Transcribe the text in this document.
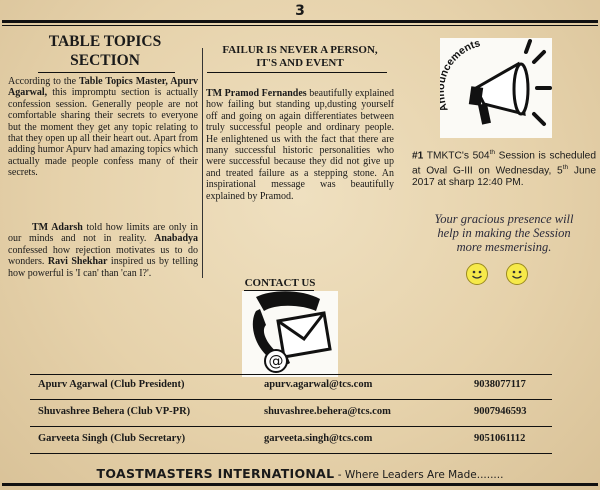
3
TABLE TOPICS
SECTION
According to the Table Topics Master, Apurv Agarwal, this impromptu section is actually confession session. Generally people are not comfortable sharing their secrets to everyone but the moment they get any topic relating to that they open up all their heart out. Apart from adding humor Apurv had amazing topics which actually made people confess many of their secrets.
TM Adarsh told how limits are only in our minds and not in reality. Anabadya confessed how rejection motivates us to do wonders. Ravi Shekhar inspired us by telling how powerful is 'I can' than 'can I?'.
FAILUR IS NEVER A PERSON,
IT'S AND EVENT
TM Pramod Fernandes beautifully explained how failing but standing up,dusting yourself off and going on again differentiates between truly successful people and ordinary people. He enlightened us with the fact that there are many successful historic personalities who were successful because they did not give up and treated failure as a stepping stone. An inspirational message was beautifully explained by Pramod.
cements
#1 TMKTC's 504th Session is scheduled at Oval G-III on Wednesday, 5th June 2017 at sharp 12:40 PM.
Your gracious presence will
help in making the Session
more mesmerising.
CONTACT US
@
Apurv Agarwal (Club President)	apurv.agarwal@tcs.com	9038077117
Shuvashree Behera (Club VP-PR)	shuvashree.behera@tcs.com	9007946593
Garveeta Singh (Club Secretary)	garveeta.singh@tcs.com	9051061112
TOASTMASTERS INTERNATIONAL - Where Leaders Are Made........
